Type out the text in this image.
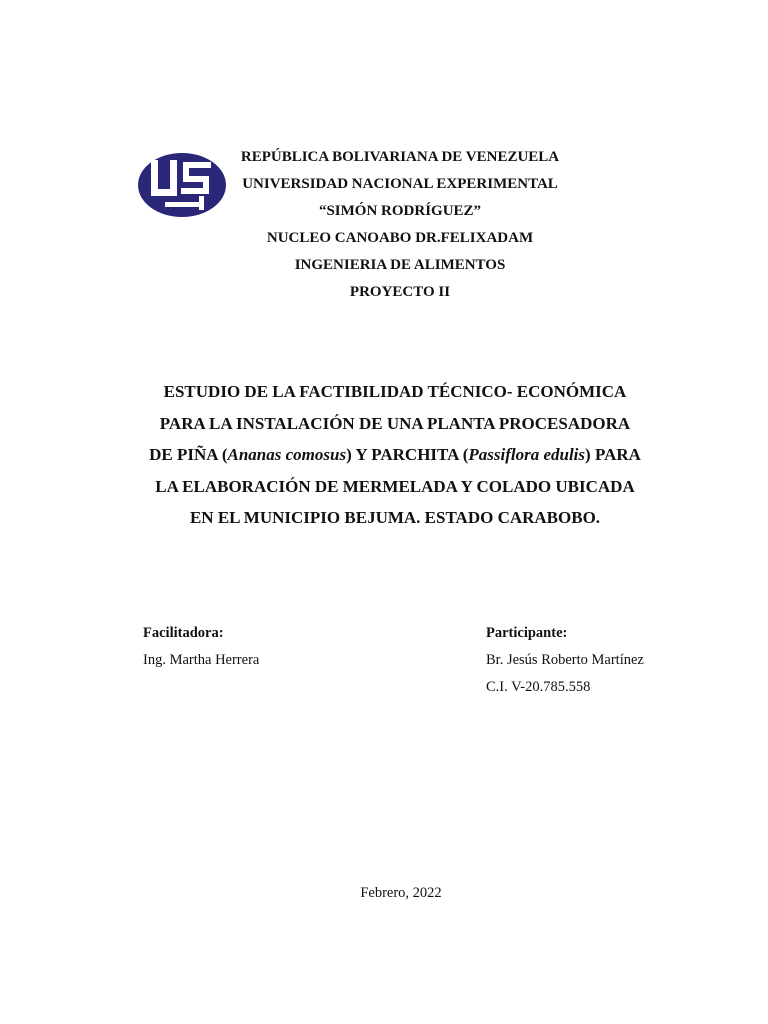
REPÚBLICA BOLIVARIANA DE VENEZUELA
UNIVERSIDAD NACIONAL EXPERIMENTAL
“SIMÓN RODRÍGUEZ”
NUCLEO CANOABO DR.FELIXADAM
INGENIERIA DE ALIMENTOS
PROYECTO II
ESTUDIO DE LA FACTIBILIDAD TÉCNICO- ECONÓMICA
PARA LA INSTALACIÓN DE UNA PLANTA PROCESADORA
DE PIÑA (Ananas comosus) Y PARCHITA (Passiflora edulis) PARA
LA ELABORACIÓN DE MERMELADA Y COLADO UBICADA
EN EL MUNICIPIO BEJUMA. ESTADO CARABOBO.
Facilitadora:
Ing. Martha Herrera
Participante:
Br. Jesús Roberto Martínez
C.I. V-20.785.558
Febrero, 2022
